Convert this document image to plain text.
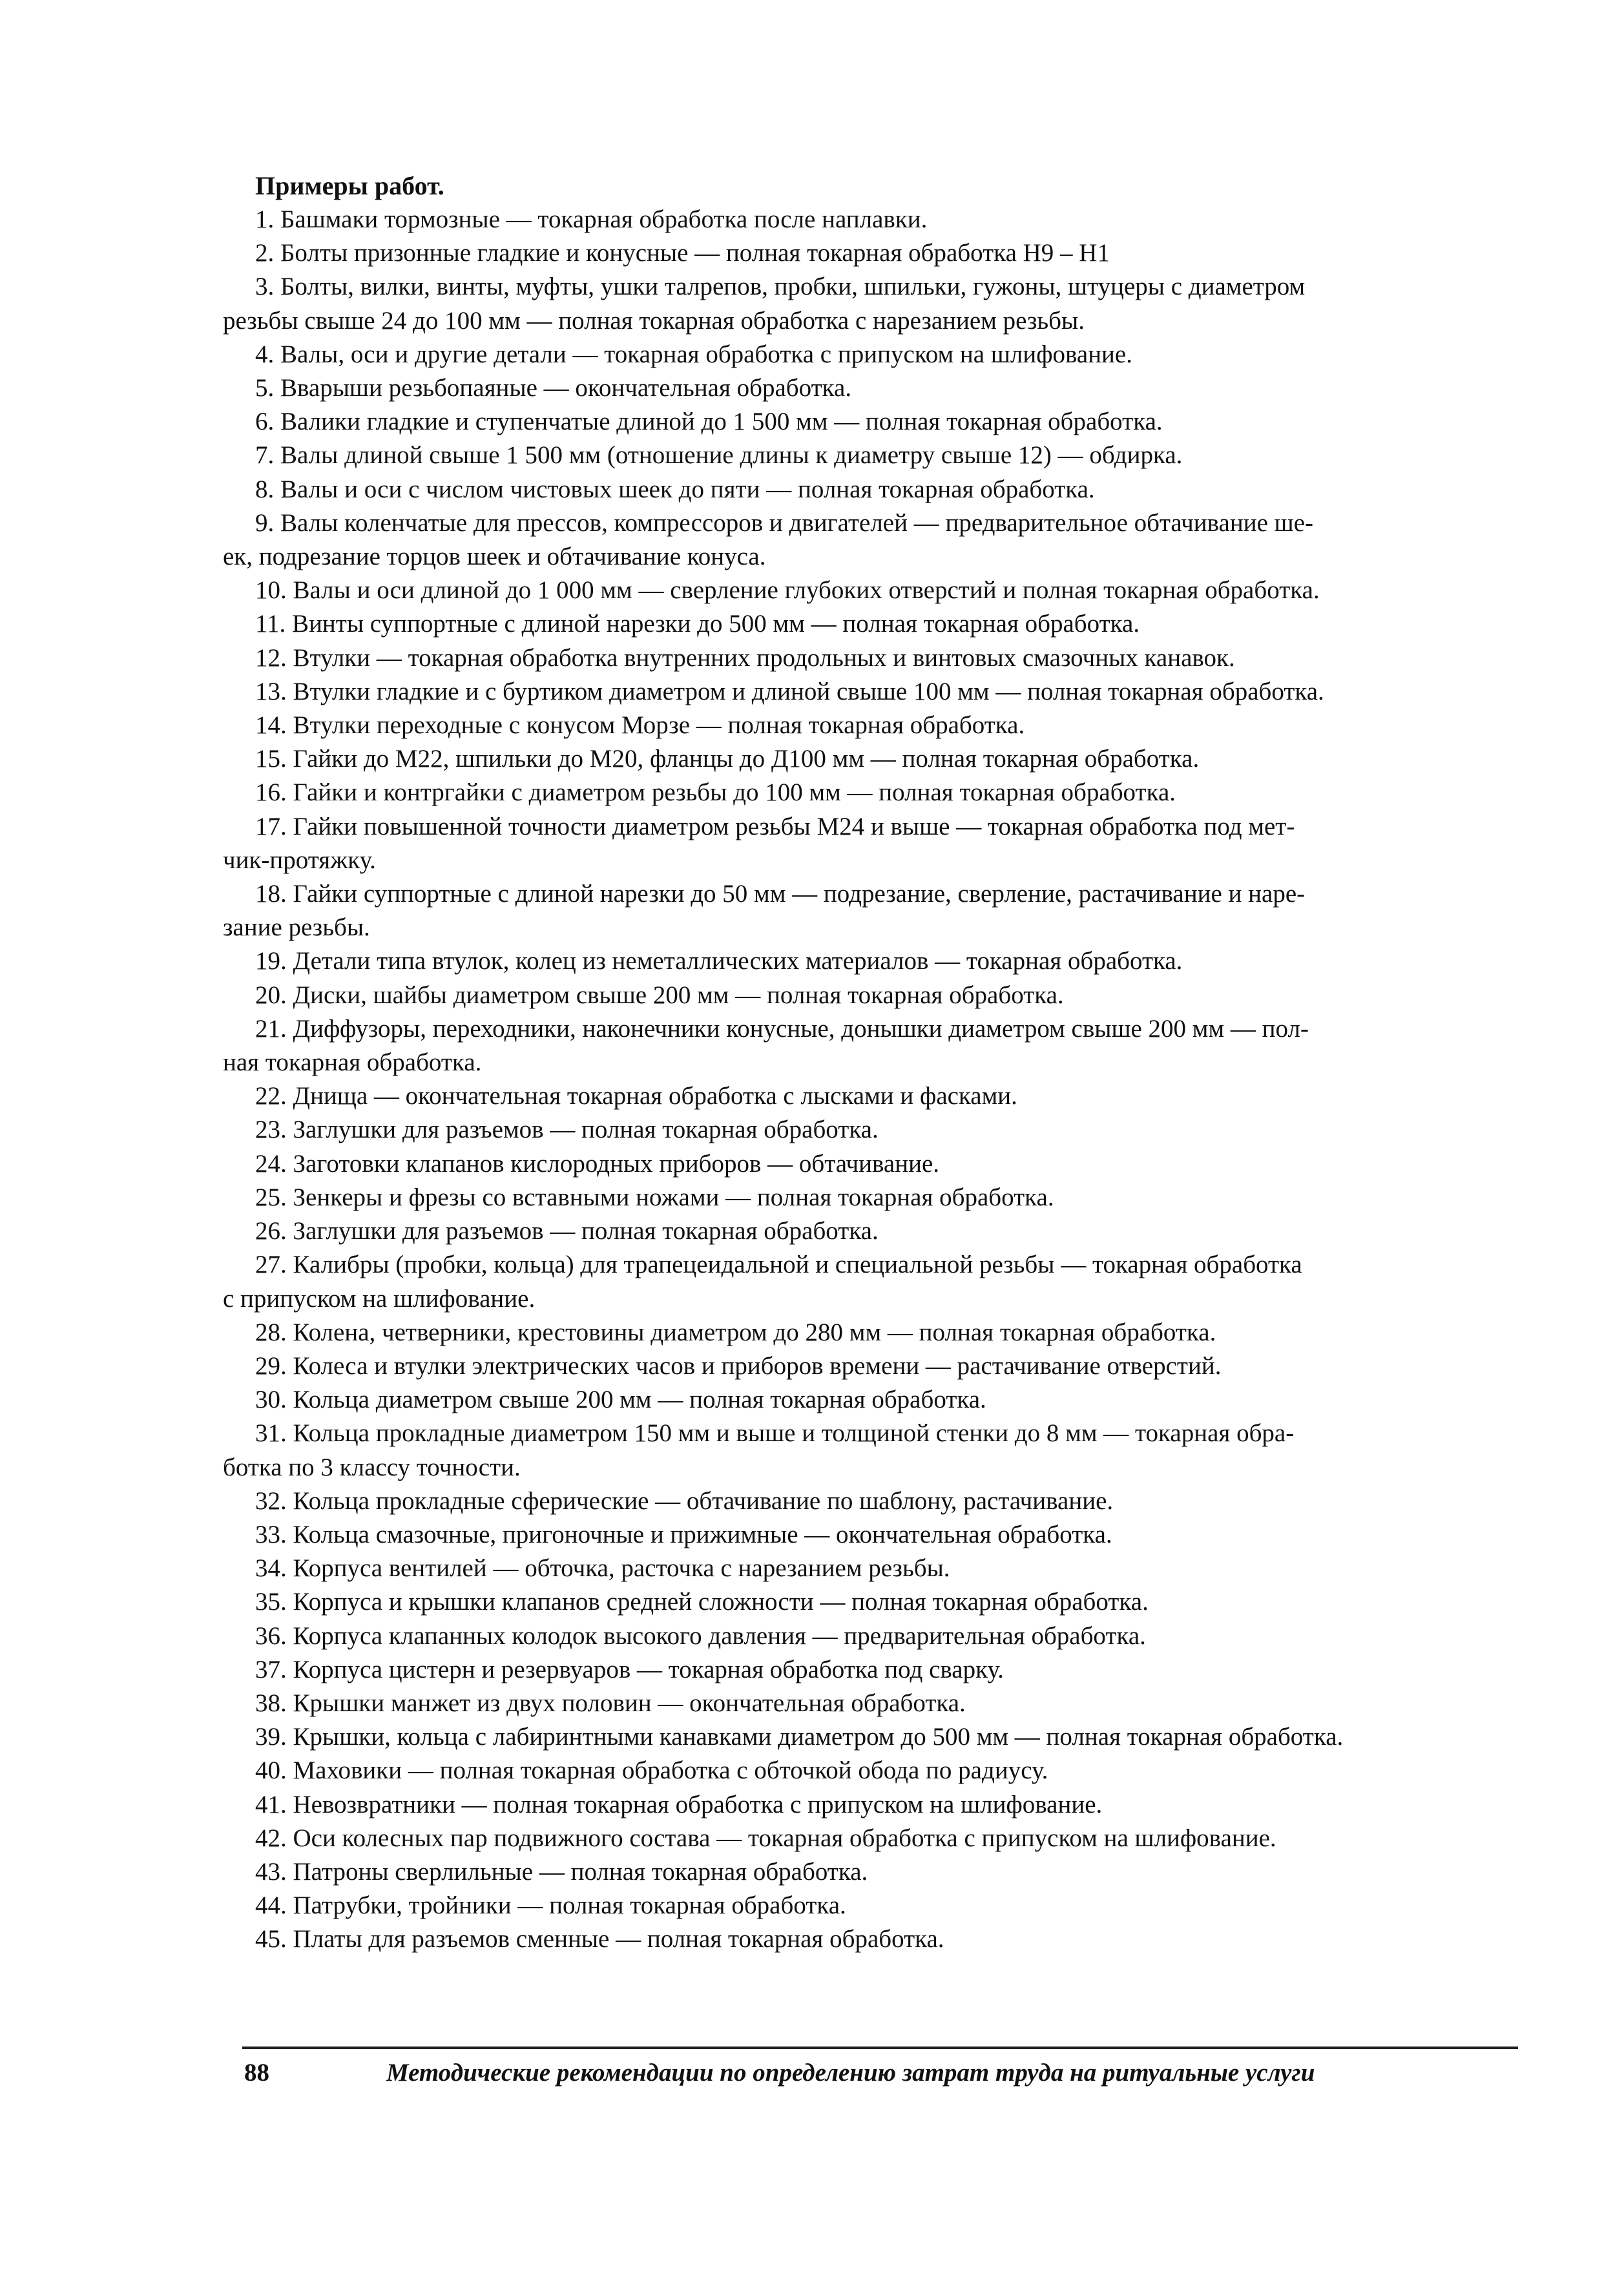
Примеры работ.
1. Башмаки тормозные — токарная обработка после наплавки.
2. Болты призонные гладкие и конусные — полная токарная обработка Н9 – Н1
3. Болты, вилки, винты, муфты, ушки талрепов, пробки, шпильки, гужоны, штуцеры с диаметром
резьбы свыше 24 до 100 мм — полная токарная обработка с нарезанием резьбы.
4. Валы, оси и другие детали — токарная обработка с припуском на шлифование.
5. Вварыши резьбопаяные — окончательная обработка.
6. Валики гладкие и ступенчатые длиной до 1 500 мм — полная токарная обработка.
7. Валы длиной свыше 1 500 мм (отношение длины к диаметру свыше 12) — обдирка.
8. Валы и оси с числом чистовых шеек до пяти — полная токарная обработка.
9. Валы коленчатые для прессов, компрессоров и двигателей — предварительное обтачивание ше-
ек, подрезание торцов шеек и обтачивание конуса.
10. Валы и оси длиной до 1 000 мм — сверление глубоких отверстий и полная токарная обработка.
11. Винты суппортные с длиной нарезки до 500 мм — полная токарная обработка.
12. Втулки — токарная обработка внутренних продольных и винтовых смазочных канавок.
13. Втулки гладкие и с буртиком диаметром и длиной свыше 100 мм — полная токарная обработка.
14. Втулки переходные с конусом Морзе — полная токарная обработка.
15. Гайки до М22, шпильки до М20, фланцы до Д100 мм — полная токарная обработка.
16. Гайки и контргайки с диаметром резьбы до 100 мм — полная токарная обработка.
17. Гайки повышенной точности диаметром резьбы М24 и выше — токарная обработка под мет-
чик-протяжку.
18. Гайки суппортные с длиной нарезки до 50 мм — подрезание, сверление, растачивание и наре-
зание резьбы.
19. Детали типа втулок, колец из неметаллических материалов — токарная обработка.
20. Диски, шайбы диаметром свыше 200 мм — полная токарная обработка.
21. Диффузоры, переходники, наконечники конусные, донышки диаметром свыше 200 мм — пол-
ная токарная обработка.
22. Днища — окончательная токарная обработка с лысками и фасками.
23. Заглушки для разъемов — полная токарная обработка.
24. Заготовки клапанов кислородных приборов — обтачивание.
25. Зенкеры и фрезы со вставными ножами — полная токарная обработка.
26. Заглушки для разъемов — полная токарная обработка.
27. Калибры (пробки, кольца) для трапецеидальной и специальной резьбы — токарная обработка
с припуском на шлифование.
28. Колена, четверники, крестовины диаметром до 280 мм — полная токарная обработка.
29. Колеса и втулки электрических часов и приборов времени — растачивание отверстий.
30. Кольца диаметром свыше 200 мм — полная токарная обработка.
31. Кольца прокладные диаметром 150 мм и выше и толщиной стенки до 8 мм — токарная обра-
ботка по 3 классу точности.
32. Кольца прокладные сферические — обтачивание по шаблону, растачивание.
33. Кольца смазочные, пригоночные и прижимные — окончательная обработка.
34. Корпуса вентилей — обточка, расточка с нарезанием резьбы.
35. Корпуса и крышки клапанов средней сложности — полная токарная обработка.
36. Корпуса клапанных колодок высокого давления — предварительная обработка.
37. Корпуса цистерн и резервуаров — токарная обработка под сварку.
38. Крышки манжет из двух половин — окончательная обработка.
39. Крышки, кольца с лабиринтными канавками диаметром до 500 мм — полная токарная обработка.
40. Маховики — полная токарная обработка с обточкой обода по радиусу.
41. Невозвратники — полная токарная обработка с припуском на шлифование.
42. Оси колесных пар подвижного состава — токарная обработка с припуском на шлифование.
43. Патроны сверлильные — полная токарная обработка.
44. Патрубки, тройники — полная токарная обработка.
45. Платы для разъемов сменные — полная токарная обработка.
88	Методические рекомендации по определению затрат труда на ритуальные услуги
